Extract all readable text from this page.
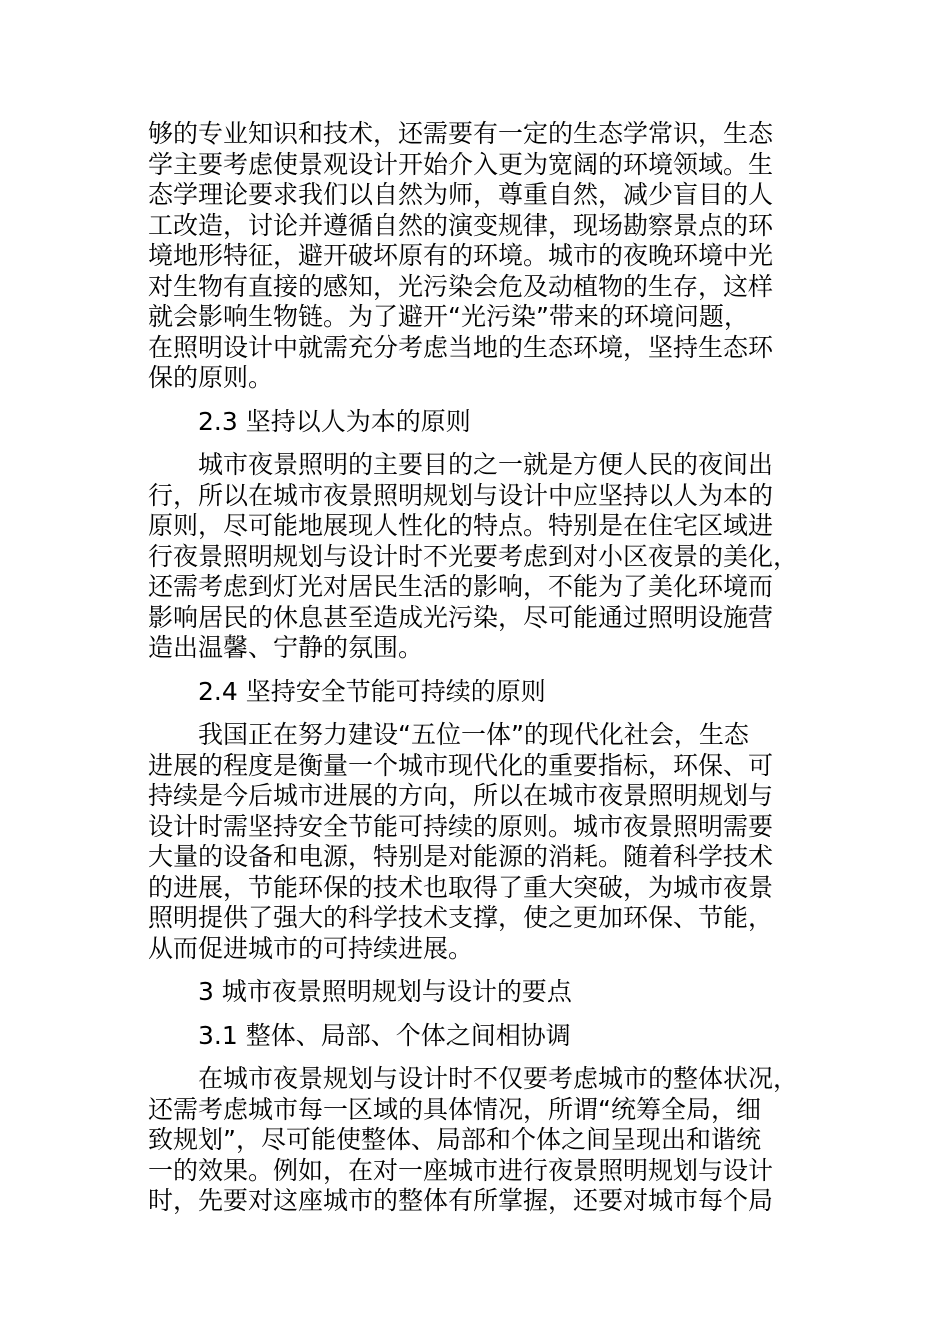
够的专业知识和技术，还需要有一定的生态学常识，生态
学主要考虑使景观设计开始介入更为宽阔的环境领域。生
态学理论要求我们以自然为师，尊重自然，减少盲目的人
工改造，讨论并遵循自然的演变规律，现场勘察景点的环
境地形特征，避开破坏原有的环境。城市的夜晚环境中光
对生物有直接的感知，光污染会危及动植物的生存，这样
就会影响生物链。为了避开“光污染”带来的环境问题，
在照明设计中就需充分考虑当地的生态环境，坚持生态环
保的原则。
2.3 坚持以人为本的原则
城市夜景照明的主要目的之一就是方便人民的夜间出
行，所以在城市夜景照明规划与设计中应坚持以人为本的
原则，尽可能地展现人性化的特点。特别是在住宅区域进
行夜景照明规划与设计时不光要考虑到对小区夜景的美化，
还需考虑到灯光对居民生活的影响，不能为了美化环境而
影响居民的休息甚至造成光污染，尽可能通过照明设施营
造出温馨、宁静的氛围。
2.4 坚持安全节能可持续的原则
我国正在努力建设“五位一体”的现代化社会，生态
进展的程度是衡量一个城市现代化的重要指标，环保、可
持续是今后城市进展的方向，所以在城市夜景照明规划与
设计时需坚持安全节能可持续的原则。城市夜景照明需要
大量的设备和电源，特别是对能源的消耗。随着科学技术
的进展，节能环保的技术也取得了重大突破，为城市夜景
照明提供了强大的科学技术支撑，使之更加环保、节能，
从而促进城市的可持续进展。
3 城市夜景照明规划与设计的要点
3.1 整体、局部、个体之间相协调
在城市夜景规划与设计时不仅要考虑城市的整体状况，
还需考虑城市每一区域的具体情况，所谓“统筹全局，细
致规划”，尽可能使整体、局部和个体之间呈现出和谐统
一的效果。例如，在对一座城市进行夜景照明规划与设计
时，先要对这座城市的整体有所掌握，还要对城市每个局
